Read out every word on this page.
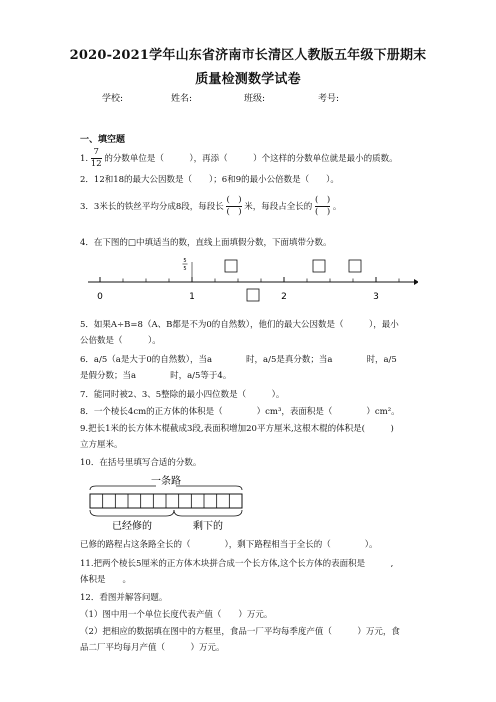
2020-2021学年山东省济南市长清区人教版五年级下册期末
质量检测数学试卷
学校:	姓名:	班级:	考号:
一、填空题
1. $\frac{7}{12}$ 的分数单位是（　　　），再添（　　　）个这样的分数单位就是最小的质数。
2．12和18的最大公因数是（　　）；6和9的最小公倍数是（　　）。
3．3米长的铁丝平均分成8段，每段长 $\frac{( )}{( )}$ 米，每段占全长的 $\frac{( )}{( )}$ 。
4．在下图的□中填适当的数，直线上面填假分数，下面填带分数。
5
5
0	1	2	3
5．如果A÷B=8（A、B都是不为0的自然数），他们的最大公因数是（　　　），最小
公倍数是（　　　）。
6．a/5（a是大于0的自然数），当a　　　　时，a/5是真分数；当a　　　　时，a/5
是假分数；当a　　　　时，a/5等于4。
7．能同时被2、3、5整除的最小四位数是（　　　）。
8．一个棱长4cm的正方体的体积是（　　　　）cm³，表面积是（　　　　）cm²。
9.把长1米的长方体木棍截成3段,表面积增加20平方厘米,这根木棍的体积是(　　　)
立方厘米。
10．在括号里填写合适的分数。
一条路
已经修的	剩下的
已修的路程占这条路全长的（　　　　），剩下路程相当于全长的（　　　　）。
11.把两个棱长5厘米的正方体木块拼合成一个长方体,这个长方体的表面积是　　　,
体积是　　。
12．看图并解答问题。
（1）图中用一个单位长度代表产值（　　）万元。
（2）把相应的数据填在图中的方框里，食品一厂平均每季度产值（　　　）万元，食
品二厂平均每月产值（　　　）万元。
